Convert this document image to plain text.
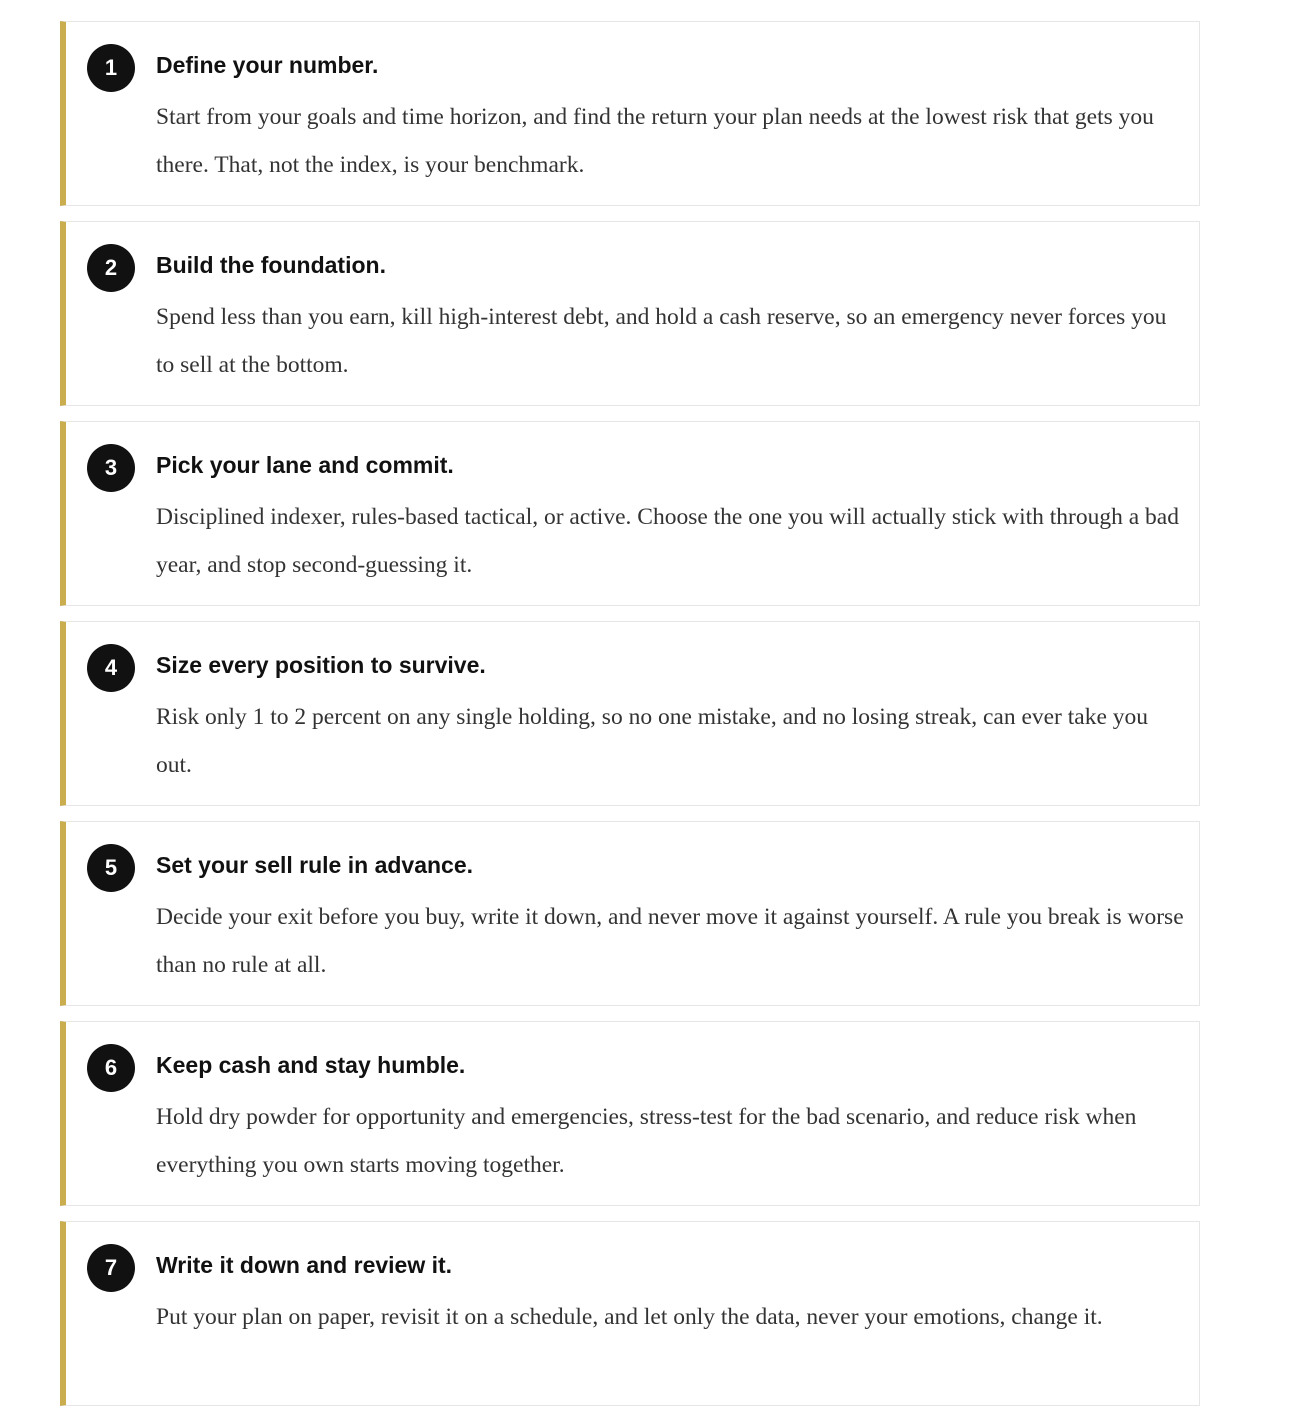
1	Define your number.

Start from your goals and time horizon, and find the return your plan needs at the lowest risk that gets you there. That, not the index, is your benchmark.

2	Build the foundation.

Spend less than you earn, kill high-interest debt, and hold a cash reserve, so an emergency never forces you to sell at the bottom.

3	Pick your lane and commit.

Disciplined indexer, rules-based tactical, or active. Choose the one you will actually stick with through a bad year, and stop second-guessing it.

4	Size every position to survive.

Risk only 1 to 2 percent on any single holding, so no one mistake, and no losing streak, can ever take you out.

5	Set your sell rule in advance.

Decide your exit before you buy, write it down, and never move it against yourself. A rule you break is worse than no rule at all.

6	Keep cash and stay humble.

Hold dry powder for opportunity and emergencies, stress-test for the bad scenario, and reduce risk when everything you own starts moving together.

7	Write it down and review it.

Put your plan on paper, revisit it on a schedule, and let only the data, never your emotions, change it.
